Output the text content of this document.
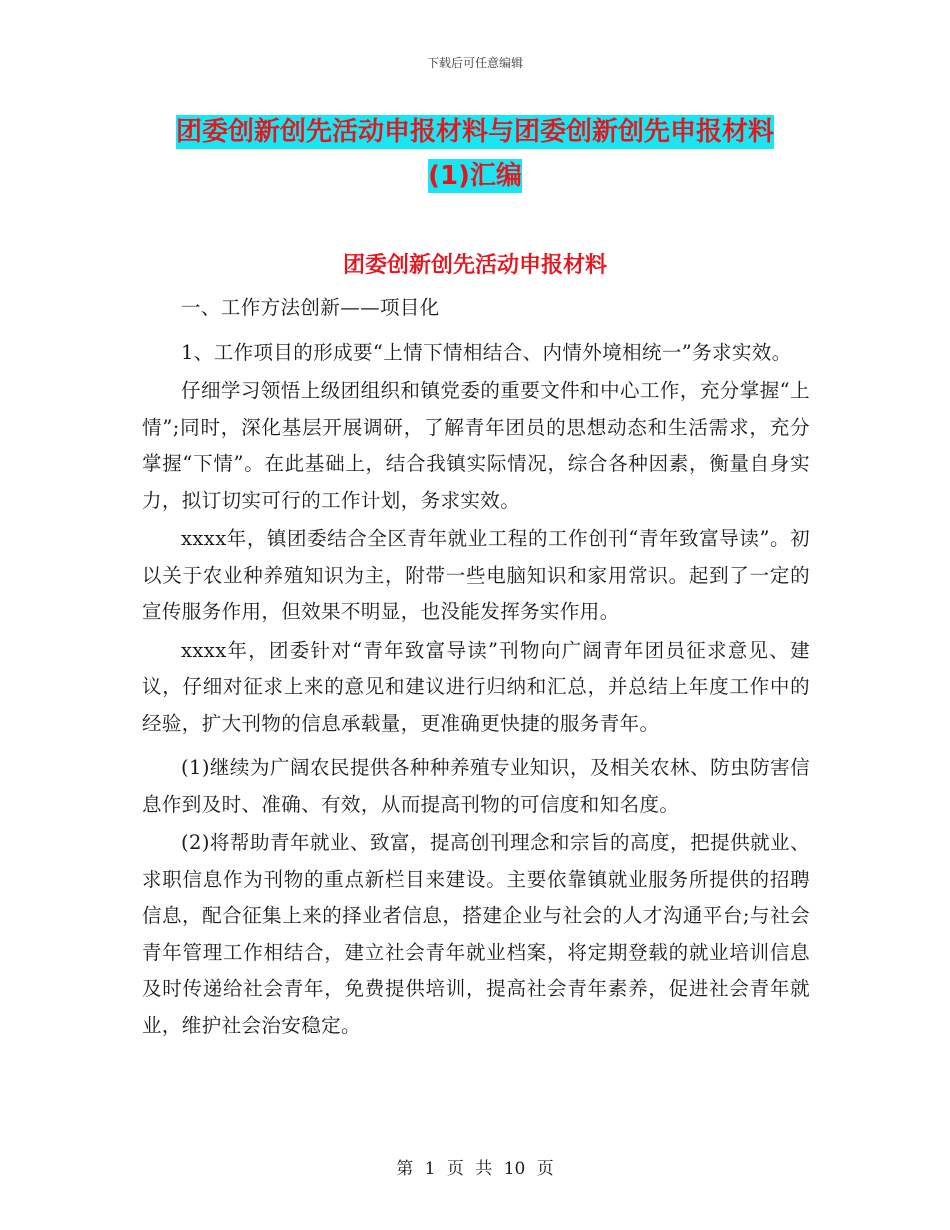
下载后可任意编辑
团委创新创先活动申报材料与团委创新创先申报材料
(1)汇编
团委创新创先活动申报材料

一、工作方法创新——项目化

1、工作项目的形成要“上情下情相结合、内情外境相统一”务求实效。

仔细学习领悟上级团组织和镇党委的重要文件和中心工作，充分掌握“上情”;同时，深化基层开展调研，了解青年团员的思想动态和生活需求，充分掌握“下情”。在此基础上，结合我镇实际情况，综合各种因素，衡量自身实力，拟订切实可行的工作计划，务求实效。

xxxx年，镇团委结合全区青年就业工程的工作创刊“青年致富导读”。初以关于农业种养殖知识为主，附带一些电脑知识和家用常识。起到了一定的宣传服务作用，但效果不明显，也没能发挥务实作用。

xxxx年，团委针对“青年致富导读”刊物向广阔青年团员征求意见、建议，仔细对征求上来的意见和建议进行归纳和汇总，并总结上年度工作中的经验，扩大刊物的信息承载量，更准确更快捷的服务青年。

(1)继续为广阔农民提供各种种养殖专业知识，及相关农林、防虫防害信息作到及时、准确、有效，从而提高刊物的可信度和知名度。

(2)将帮助青年就业、致富，提高创刊理念和宗旨的高度，把提供就业、求职信息作为刊物的重点新栏目来建设。主要依靠镇就业服务所提供的招聘信息，配合征集上来的择业者信息，搭建企业与社会的人才沟通平台;与社会青年管理工作相结合，建立社会青年就业档案，将定期登载的就业培训信息及时传递给社会青年，免费提供培训，提高社会青年素养，促进社会青年就业，维护社会治安稳定。

第 1 页 共 10 页
